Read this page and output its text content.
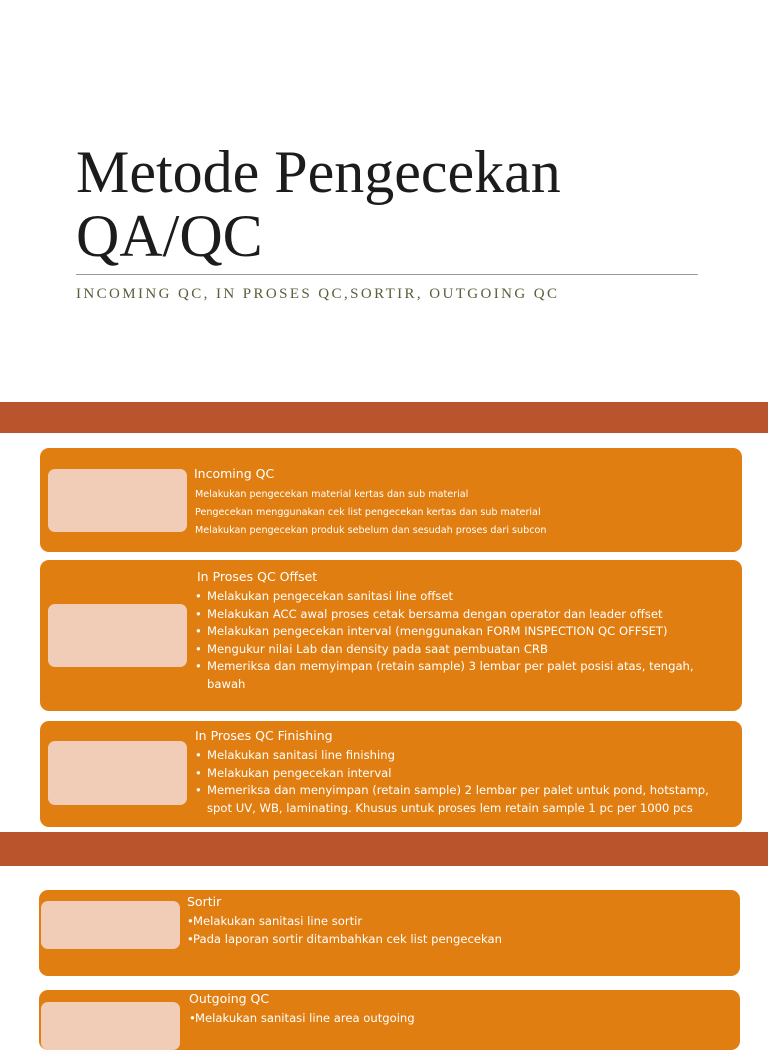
Metode Pengecekan
QA/QC
INCOMING QC, IN PROSES QC,SORTIR, OUTGOING QC
Incoming QC
Melakukan pengecekan material kertas dan sub material
Pengecekan menggunakan cek list pengecekan kertas dan sub material
Melakukan pengecekan produk sebelum dan sesudah proses dari subcon
In Proses QC Offset
• Melakukan pengecekan sanitasi line offset
• Melakukan ACC awal proses cetak bersama dengan operator dan leader offset
• Melakukan pengecekan interval (menggunakan FORM INSPECTION QC OFFSET)
• Mengukur nilai Lab dan density pada saat pembuatan CRB
• Memeriksa dan memyimpan (retain sample) 3 lembar per palet posisi atas, tengah, bawah
In Proses QC Finishing
• Melakukan sanitasi line finishing
• Melakukan pengecekan interval
• Memeriksa dan menyimpan (retain sample) 2 lembar per palet untuk pond, hotstamp, spot UV, WB, laminating. Khusus untuk proses lem retain sample 1 pc per 1000 pcs
Sortir
• Melakukan sanitasi line sortir
• Pada laporan sortir ditambahkan cek list pengecekan
Outgoing QC
• Melakukan sanitasi line area outgoing
